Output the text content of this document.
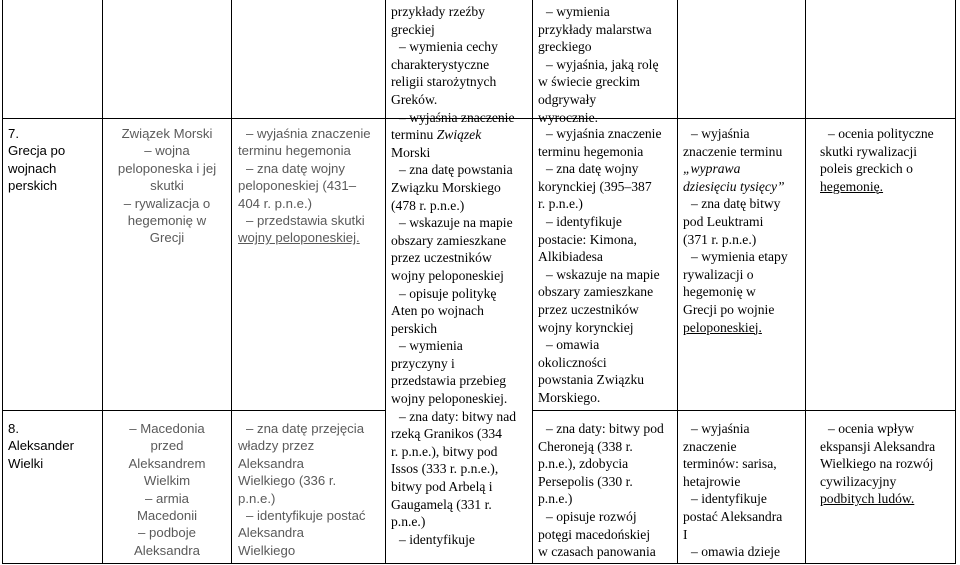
przykłady rzeźby
greckiej
– wymienia cechy
charakterystyczne
religii starożytnych
Greków.
– wyjaśnia znaczenie
terminu Związek
Morski
– zna datę powstania
Związku Morskiego
(478 r. p.n.e.)
– wskazuje na mapie
obszary zamieszkane
przez uczestników
wojny peloponeskiej
– opisuje politykę
Aten po wojnach
perskich
– wymienia
przyczyny i
przedstawia przebieg
wojny peloponeskiej.
– zna daty: bitwy nad
rzeką Granikos (334
r. p.n.e.), bitwy pod
Issos (333 r. p.n.e.),
bitwy pod Arbelą i
Gaugamelą (331 r.
p.n.e.)
– identyfikuje
– wymienia
przykłady malarstwa
greckiego
– wyjaśnia, jaką rolę
w świecie greckim
odgrywały
wyrocznie.
7.
Grecja po
wojnach
perskich
Związek Morski
– wojna
peloponeska i jej
skutki
– rywalizacja o
hegemonię w
Grecji
– wyjaśnia znaczenie
terminu hegemonia
– zna datę wojny
peloponeskiej (431–
404 r. p.n.e.)
– przedstawia skutki
wojny peloponeskiej.
– wyjaśnia znaczenie
terminu hegemonia
– zna datę wojny
korynckiej (395–387
r. p.n.e.)
– identyfikuje
postacie: Kimona,
Alkibiadesa
– wskazuje na mapie
obszary zamieszkane
przez uczestników
wojny korynckiej
– omawia
okoliczności
powstania Związku
Morskiego.
– wyjaśnia
znaczenie terminu
„wyprawa
dziesięciu tysięcy”
– zna datę bitwy
pod Leuktrami
(371 r. p.n.e.)
– wymienia etapy
rywalizacji o
hegemonię w
Grecji po wojnie
peloponeskiej.
– ocenia polityczne
skutki rywalizacji
poleis greckich o
hegemonię.
8.
Aleksander
Wielki
– Macedonia
przed
Aleksandrem
Wielkim
– armia
Macedonii
– podboje
Aleksandra
– zna datę przejęcia
władzy przez
Aleksandra
Wielkiego (336 r.
p.n.e.)
– identyfikuje postać
Aleksandra
Wielkiego
– zna daty: bitwy pod
Cheroneją (338 r.
p.n.e.), zdobycia
Persepolis (330 r.
p.n.e.)
– opisuje rozwój
potęgi macedońskiej
w czasach panowania
– wyjaśnia
znaczenie
terminów: sarisa,
hetajrowie
– identyfikuje
postać Aleksandra
I
– omawia dzieje
– ocenia wpływ
ekspansji Aleksandra
Wielkiego na rozwój
cywilizacyjny
podbitych ludów.
